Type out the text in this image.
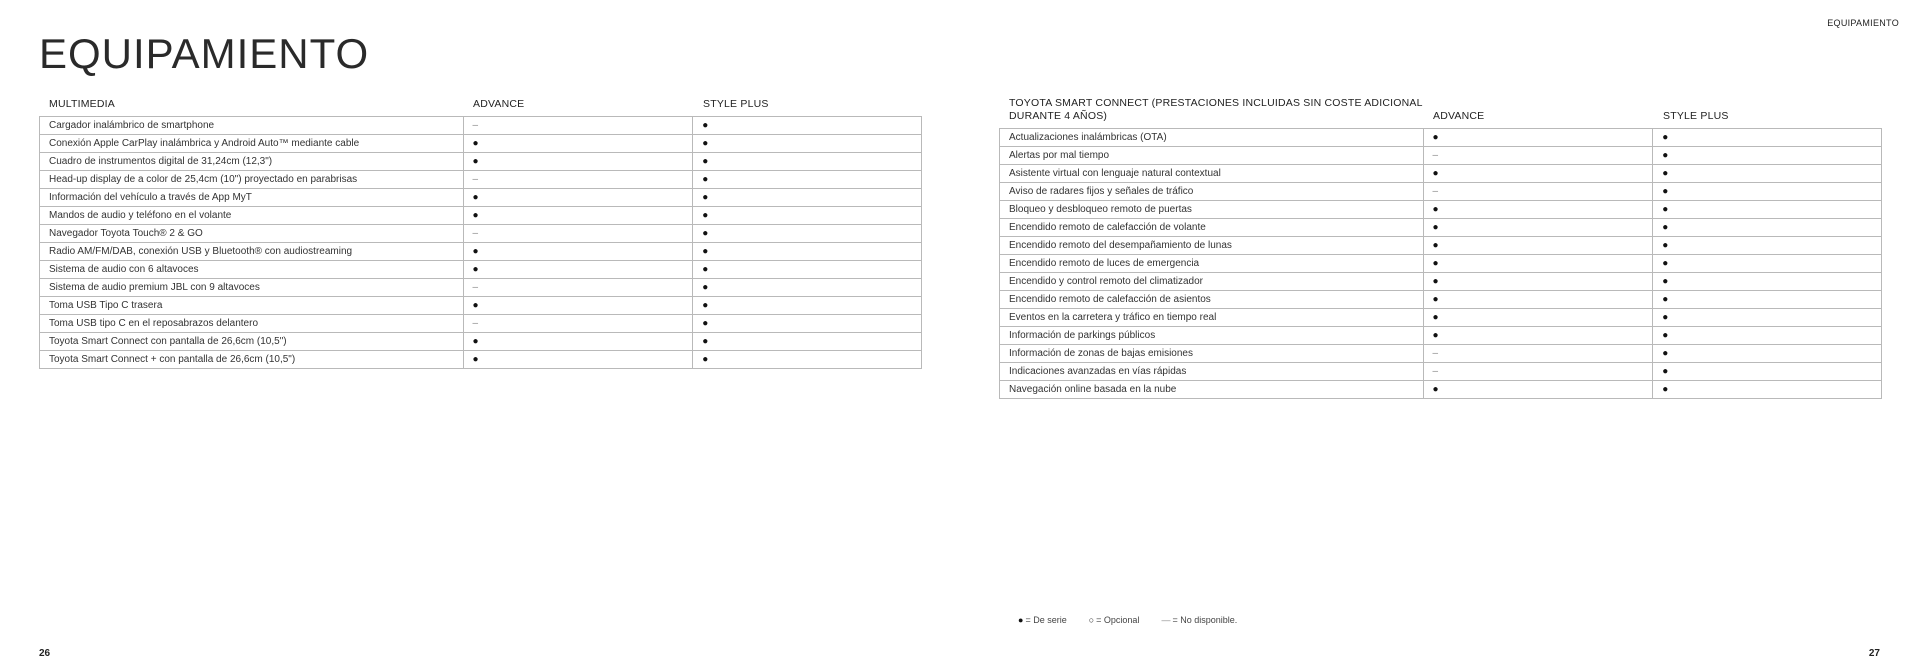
EQUIPAMIENTO
EQUIPAMIENTO
MULTIMEDIA	ADVANCE	STYLE PLUS
Cargador inalámbrico de smartphone	–	●
Conexión Apple CarPlay inalámbrica y Android Auto™ mediante cable	●	●
Cuadro de instrumentos digital de 31,24cm (12,3")	●	●
Head-up display de a color de 25,4cm (10") proyectado en parabrisas	–	●
Información del vehículo a través de App MyT	●	●
Mandos de audio y teléfono en el volante	●	●
Navegador Toyota Touch® 2 & GO	–	●
Radio AM/FM/DAB, conexión USB y Bluetooth® con audiostreaming	●	●
Sistema de audio con 6 altavoces	●	●
Sistema de audio premium JBL con 9 altavoces	–	●
Toma USB Tipo C trasera	●	●
Toma USB tipo C en el reposabrazos delantero	–	●
Toyota Smart Connect con pantalla de 26,6cm (10,5")	●	●
Toyota Smart Connect + con pantalla de 26,6cm (10,5")	●	●
TOYOTA SMART CONNECT (PRESTACIONES INCLUIDAS SIN COSTE ADICIONAL DURANTE 4 AÑOS)	ADVANCE	STYLE PLUS
Actualizaciones inalámbricas (OTA)	●	●
Alertas por mal tiempo	–	●
Asistente virtual con lenguaje natural contextual	●	●
Aviso de radares fijos y señales de tráfico	–	●
Bloqueo y desbloqueo remoto de puertas	●	●
Encendido remoto de calefacción de volante	●	●
Encendido remoto del desempañamiento de lunas	●	●
Encendido remoto de luces de emergencia	●	●
Encendido y control remoto del climatizador	●	●
Encendido remoto de calefacción de asientos	●	●
Eventos en la carretera y tráfico en tiempo real	●	●
Información de parkings públicos	●	●
Información de zonas de bajas emisiones	–	●
Indicaciones avanzadas en vías rápidas	–	●
Navegación online basada en la nube	●	●
● = De serie ○ = Opcional — = No disponible.
26	27
